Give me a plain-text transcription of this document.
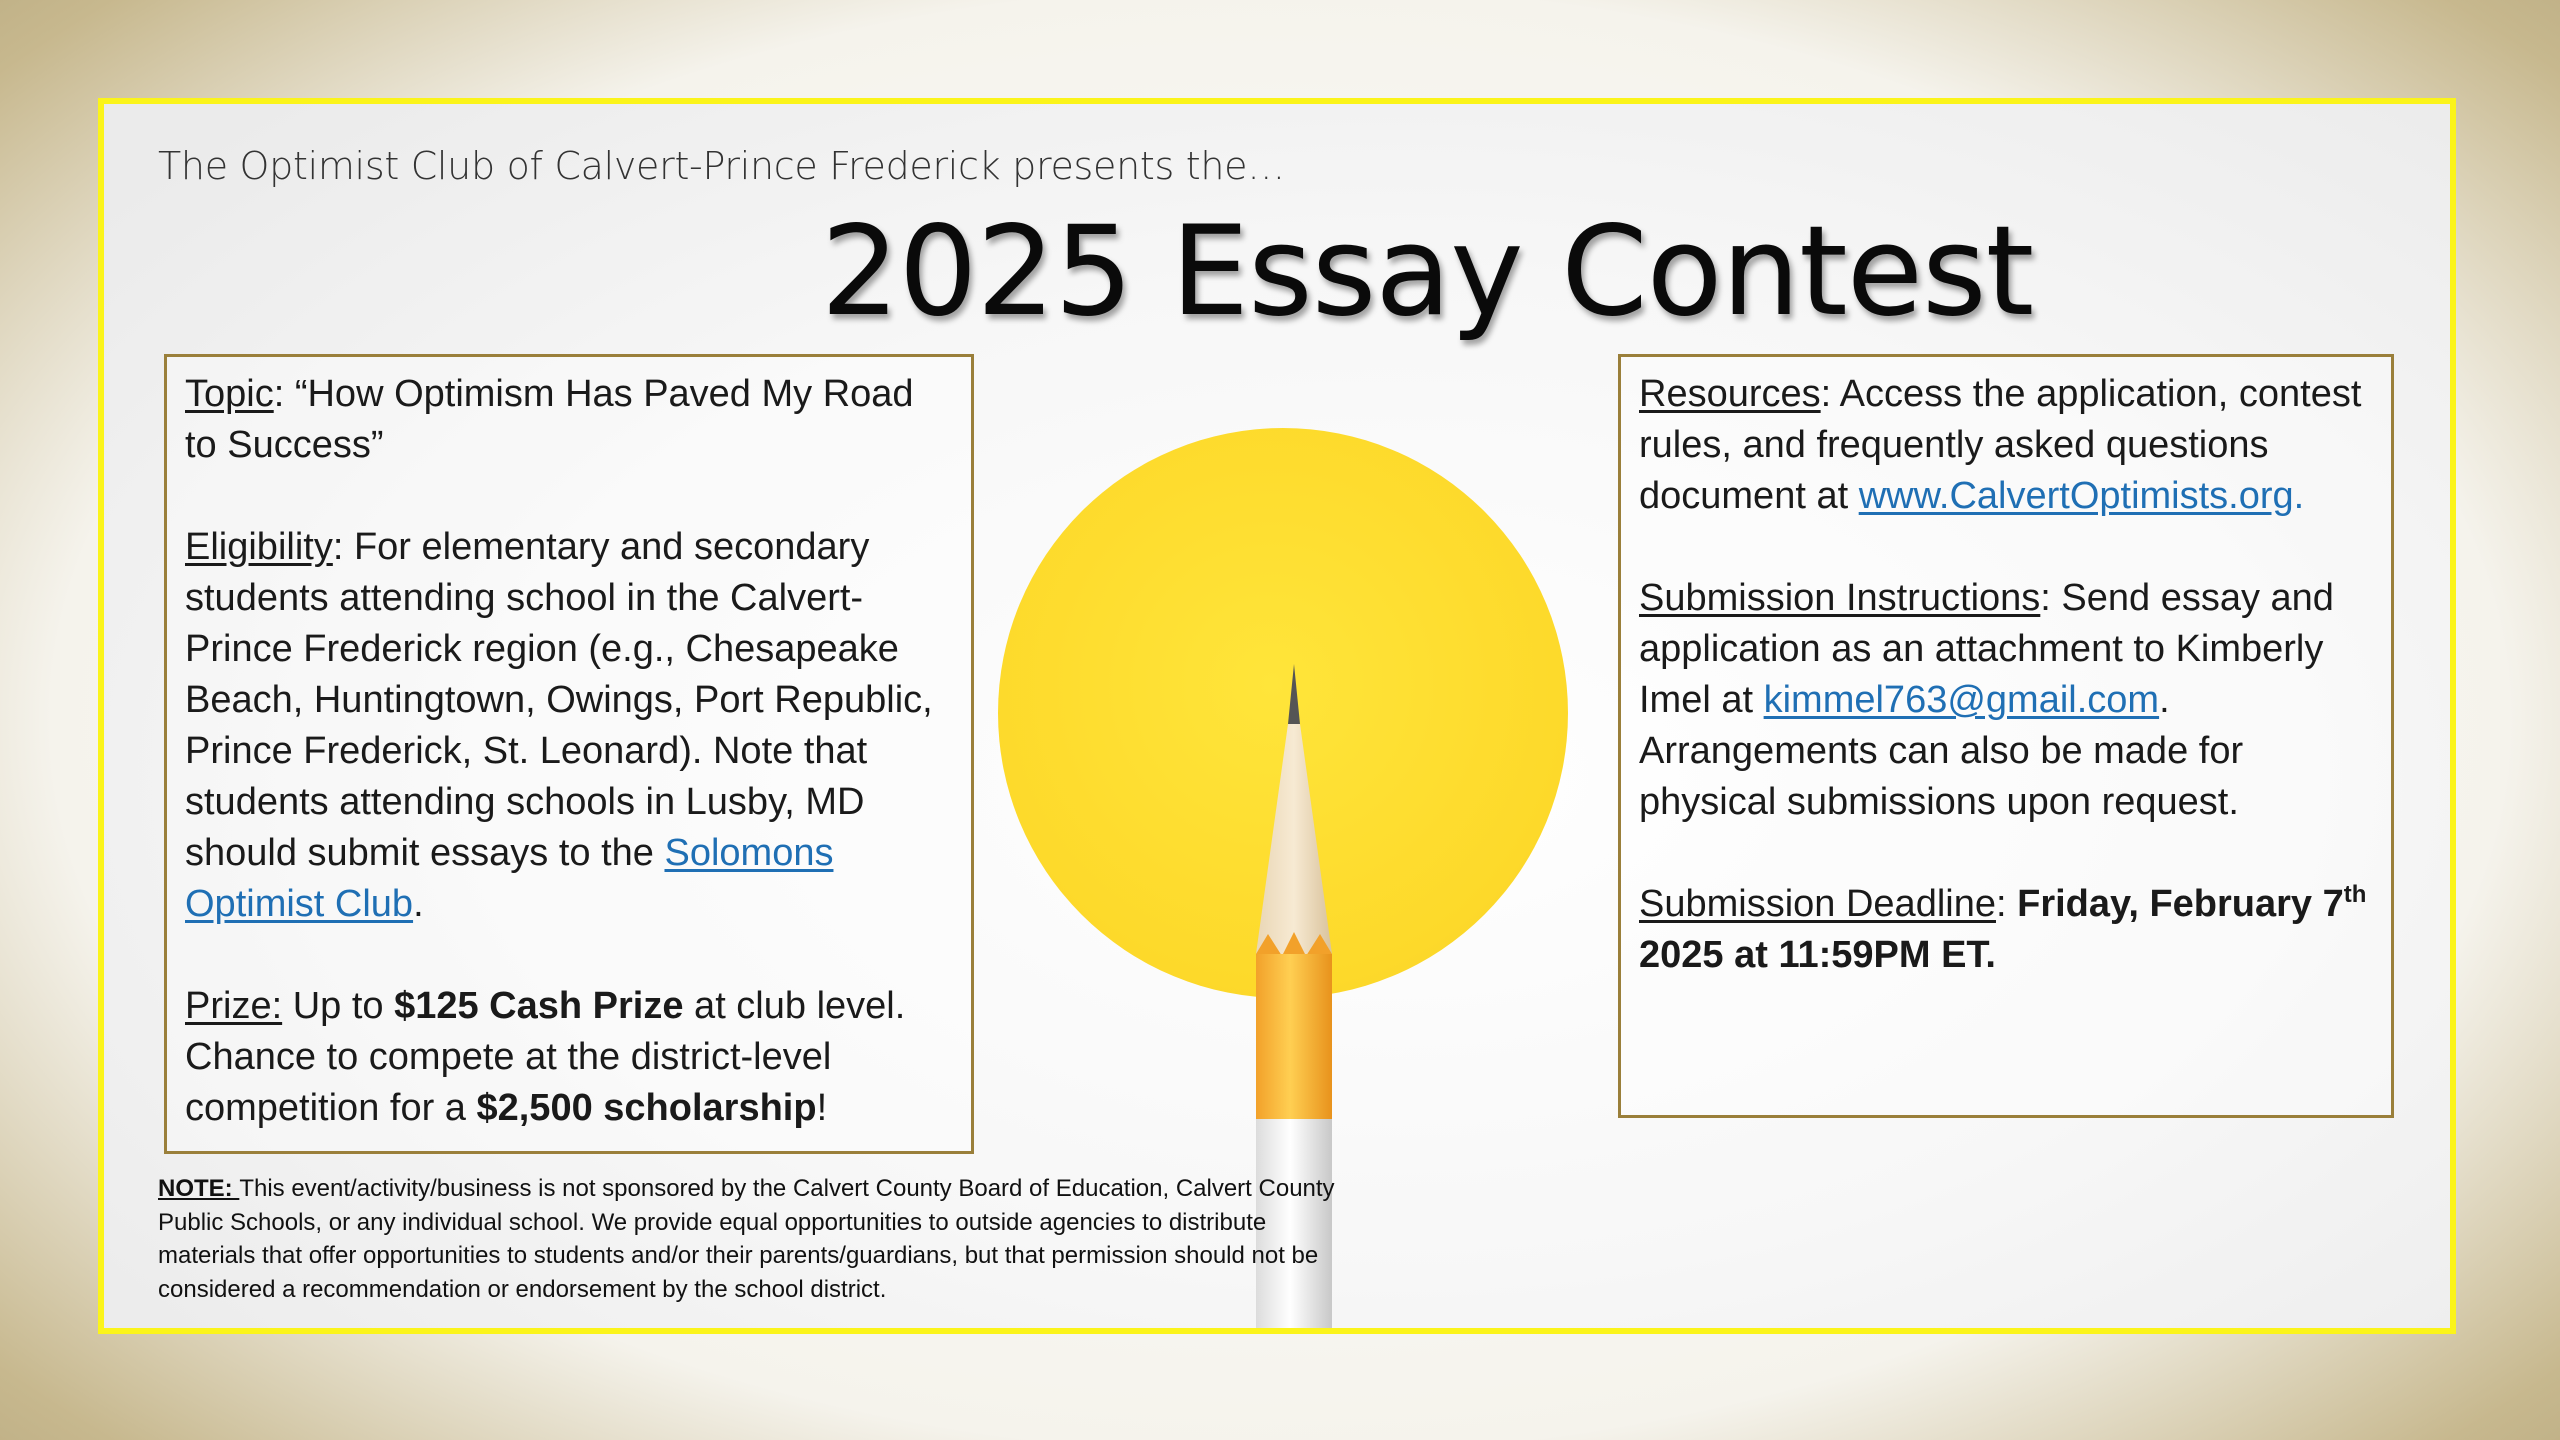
The Optimist Club of Calvert-Prince Frederick presents the…
2025 Essay Contest

Topic: “How Optimism Has Paved My Road to Success”

Eligibility: For elementary and secondary students attending school in the Calvert-Prince Frederick region (e.g., Chesapeake Beach, Huntingtown, Owings, Port Republic, Prince Frederick, St. Leonard). Note that students attending schools in Lusby, MD should submit essays to the Solomons Optimist Club.

Prize: Up to $125 Cash Prize at club level. Chance to compete at the district-level competition for a $2,500 scholarship!

Resources: Access the application, contest rules, and frequently asked questions document at www.CalvertOptimists.org.

Submission Instructions: Send essay and application as an attachment to Kimberly Imel at kimmel763@gmail.com. Arrangements can also be made for physical submissions upon request.

Submission Deadline: Friday, February 7th 2025 at 11:59PM ET.

NOTE: This event/activity/business is not sponsored by the Calvert County Board of Education, Calvert County Public Schools, or any individual school. We provide equal opportunities to outside agencies to distribute materials that offer opportunities to students and/or their parents/guardians, but that permission should not be considered a recommendation or endorsement by the school district.
